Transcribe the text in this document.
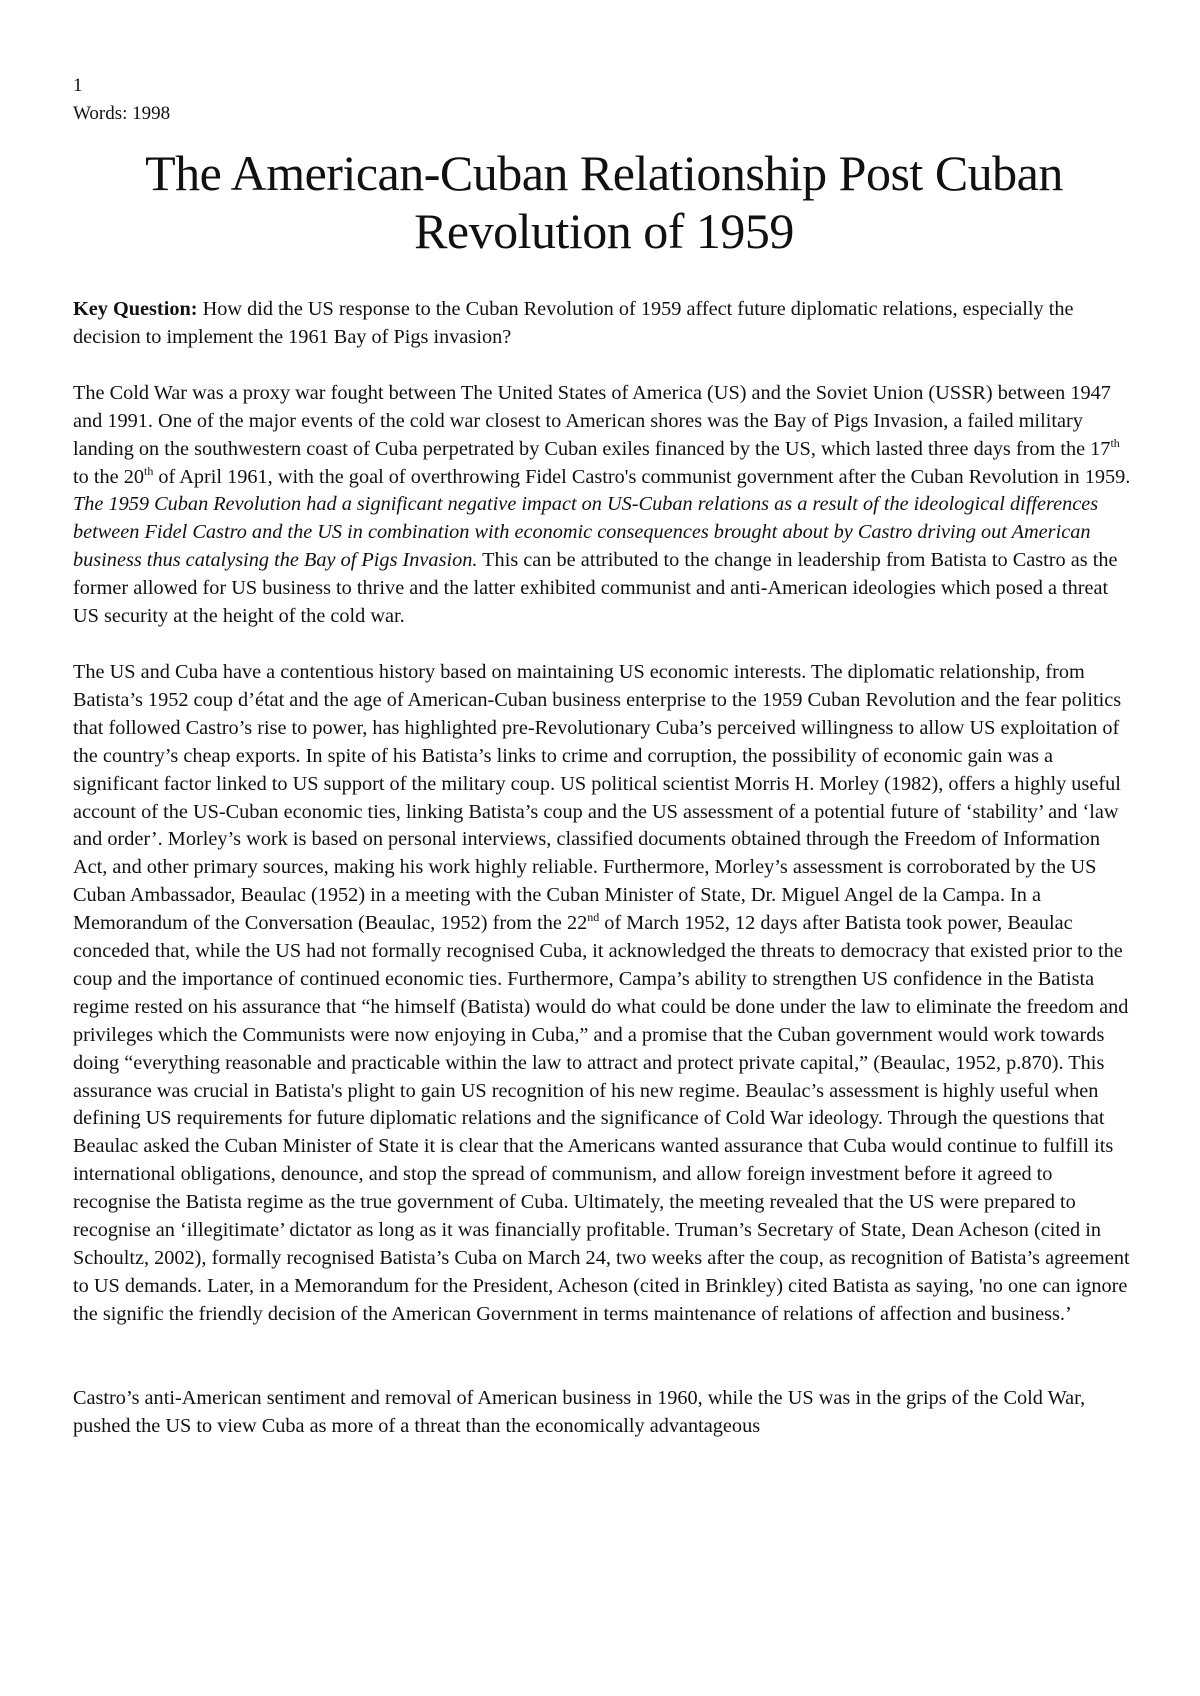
1

Words: 1998

The American-Cuban Relationship Post Cuban Revolution of 1959

Key Question: How did the US response to the Cuban Revolution of 1959 affect future diplomatic relations, especially the decision to implement the 1961 Bay of Pigs invasion?

The Cold War was a proxy war fought between The United States of America (US) and the Soviet Union (USSR) between 1947 and 1991. One of the major events of the cold war closest to American shores was the Bay of Pigs Invasion, a failed military landing on the southwestern coast of Cuba perpetrated by Cuban exiles financed by the US, which lasted three days from the 17th to the 20th of April 1961, with the goal of overthrowing Fidel Castro's communist government after the Cuban Revolution in 1959. The 1959 Cuban Revolution had a significant negative impact on US-Cuban relations as a result of the ideological differences between Fidel Castro and the US in combination with economic consequences brought about by Castro driving out American business thus catalysing the Bay of Pigs Invasion. This can be attributed to the change in leadership from Batista to Castro as the former allowed for US business to thrive and the latter exhibited communist and anti-American ideologies which posed a threat US security at the height of the cold war.

The US and Cuba have a contentious history based on maintaining US economic interests. The diplomatic relationship, from Batista’s 1952 coup d’état and the age of American-Cuban business enterprise to the 1959 Cuban Revolution and the fear politics that followed Castro’s rise to power, has highlighted pre-Revolutionary Cuba’s perceived willingness to allow US exploitation of the country’s cheap exports. In spite of his Batista’s links to crime and corruption, the possibility of economic gain was a significant factor linked to US support of the military coup. US political scientist Morris H. Morley (1982), offers a highly useful account of the US-Cuban economic ties, linking Batista’s coup and the US assessment of a potential future of ‘stability’ and ‘law and order’. Morley’s work is based on personal interviews, classified documents obtained through the Freedom of Information Act, and other primary sources, making his work highly reliable. Furthermore, Morley’s assessment is corroborated by the US Cuban Ambassador, Beaulac (1952) in a meeting with the Cuban Minister of State, Dr. Miguel Angel de la Campa. In a Memorandum of the Conversation (Beaulac, 1952) from the 22nd of March 1952, 12 days after Batista took power, Beaulac conceded that, while the US had not formally recognised Cuba, it acknowledged the threats to democracy that existed prior to the coup and the importance of continued economic ties. Furthermore, Campa’s ability to strengthen US confidence in the Batista regime rested on his assurance that “he himself (Batista) would do what could be done under the law to eliminate the freedom and privileges which the Communists were now enjoying in Cuba,” and a promise that the Cuban government would work towards doing “everything reasonable and practicable within the law to attract and protect private capital,” (Beaulac, 1952, p.870). This assurance was crucial in Batista's plight to gain US recognition of his new regime. Beaulac’s assessment is highly useful when defining US requirements for future diplomatic relations and the significance of Cold War ideology. Through the questions that Beaulac asked the Cuban Minister of State it is clear that the Americans wanted assurance that Cuba would continue to fulfill its international obligations, denounce, and stop the spread of communism, and allow foreign investment before it agreed to recognise the Batista regime as the true government of Cuba. Ultimately, the meeting revealed that the US were prepared to recognise an ‘illegitimate’ dictator as long as it was financially profitable. Truman’s Secretary of State, Dean Acheson (cited in Schoultz, 2002), formally recognised Batista’s Cuba on March 24, two weeks after the coup, as recognition of Batista’s agreement to US demands. Later, in a Memorandum for the President, Acheson (cited in Brinkley) cited Batista as saying, 'no one can ignore the signific the friendly decision of the American Government in terms maintenance of relations of affection and business.’

Castro’s anti-American sentiment and removal of American business in 1960, while the US was in the grips of the Cold War, pushed the US to view Cuba as more of a threat than the economically advantageous
